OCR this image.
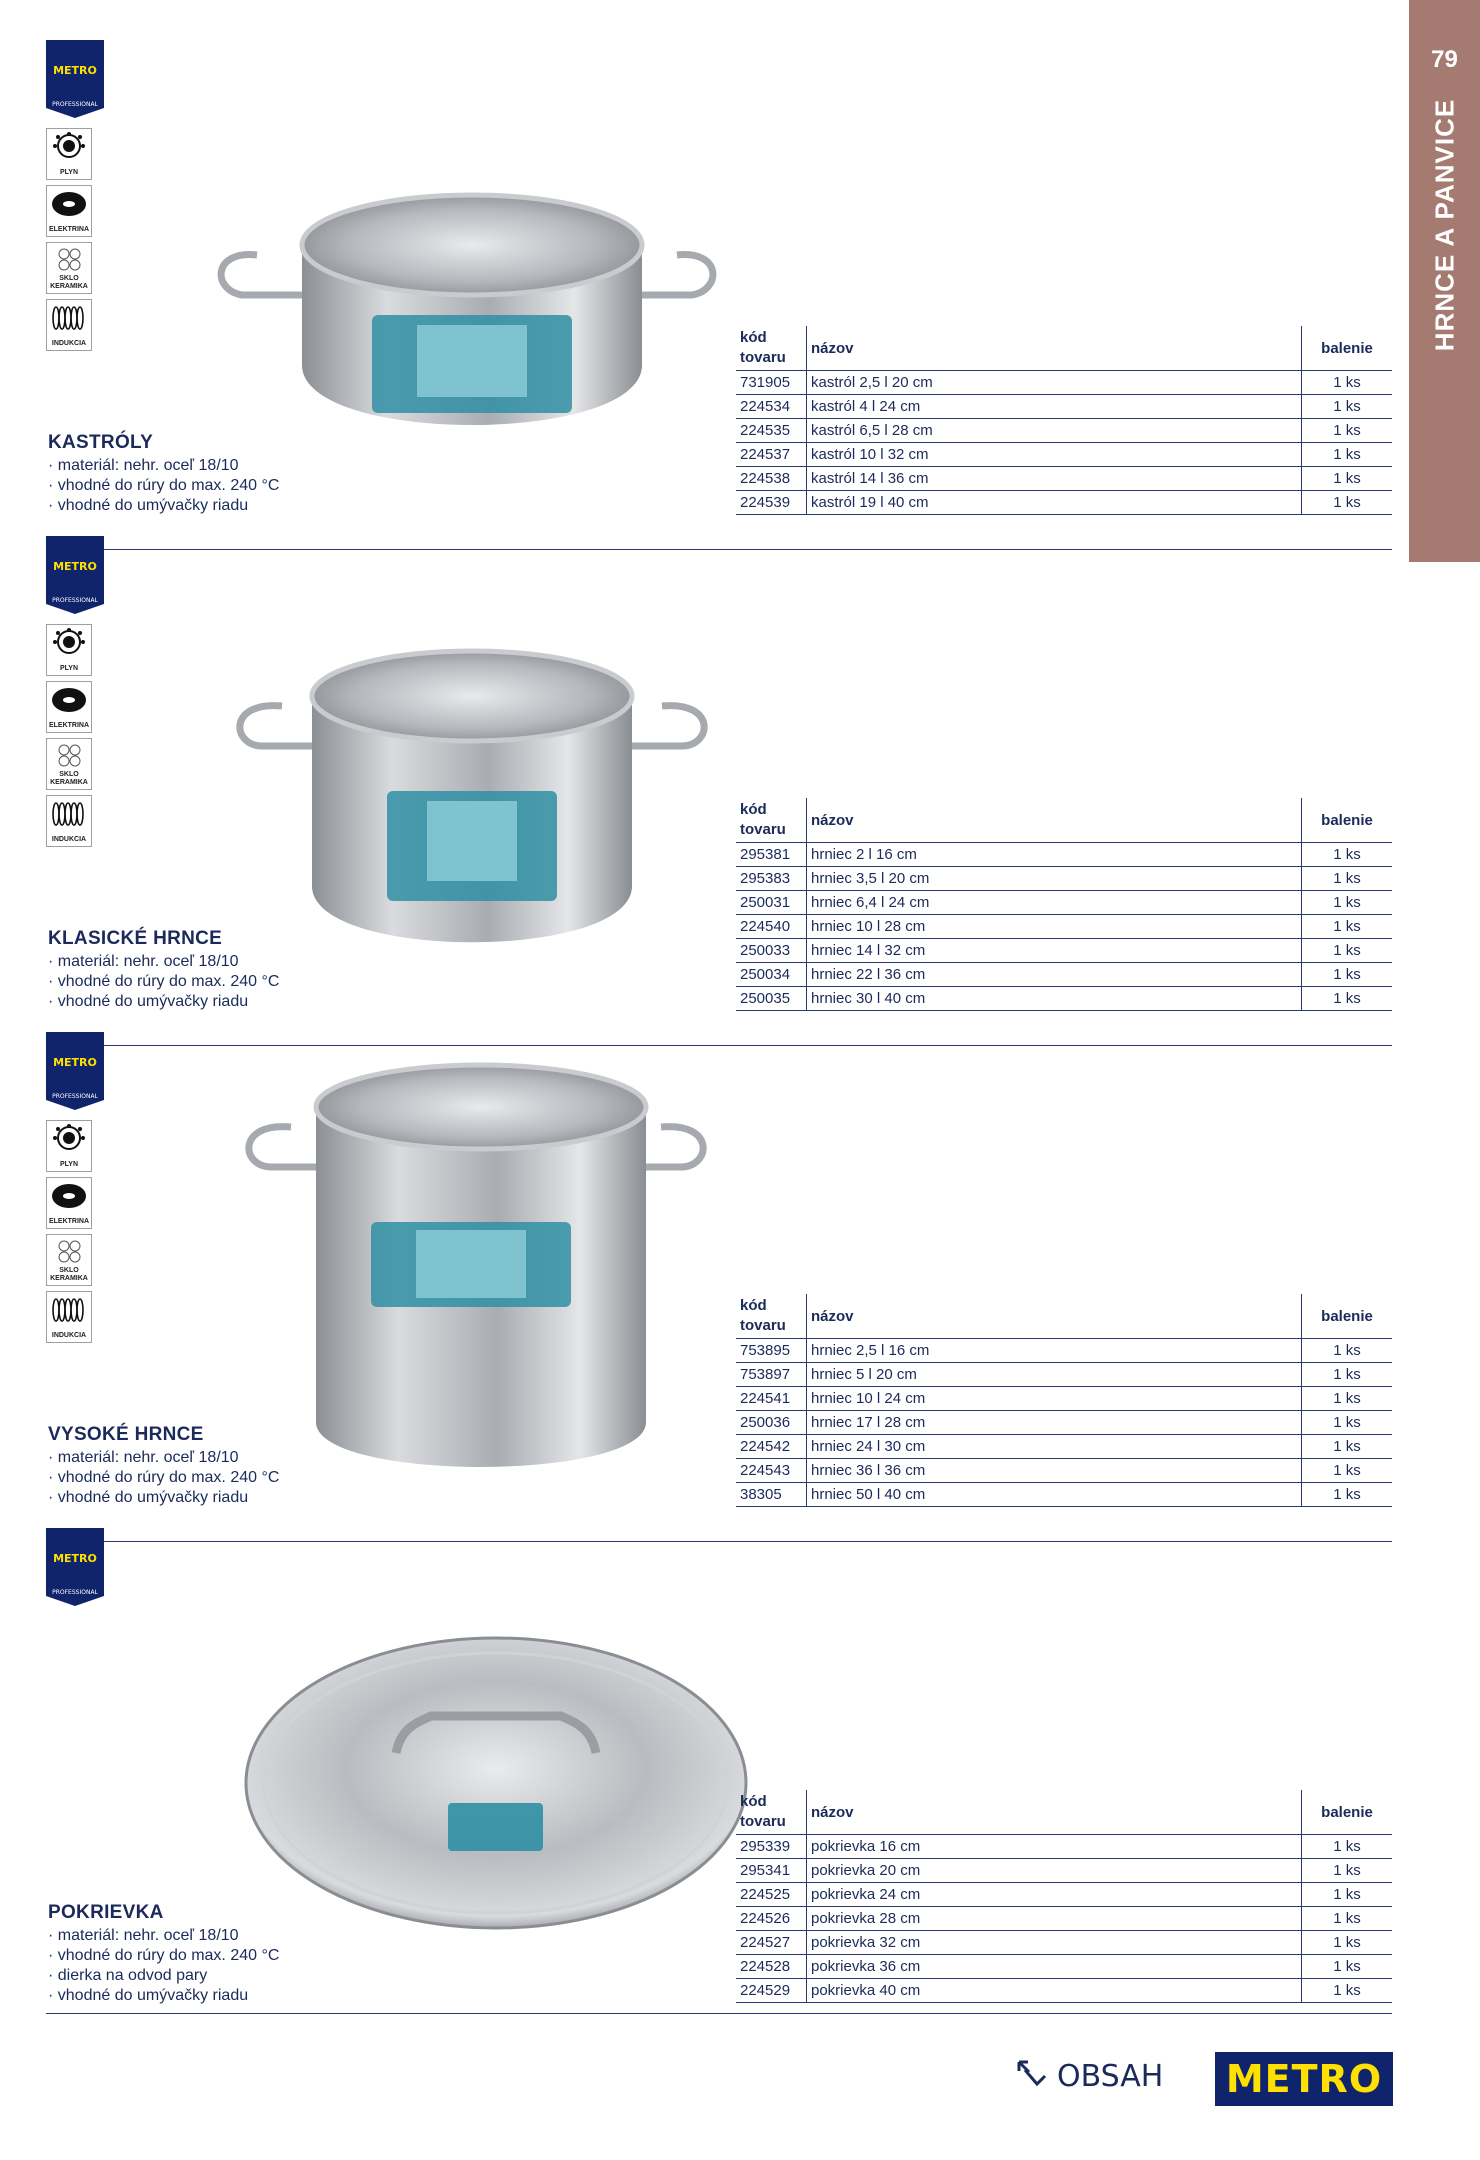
79
HRNCE A PANVICE
METRO
PROFESSIONAL
PLYN
ELEKTRINA
SKLO KERAMIKA
INDUKCIA
KASTRÓLY
· materiál: nehr. oceľ 18/10
· vhodné do rúry do max. 240 °C
· vhodné do umývačky riadu
kód
tovaru	názov	balenie
731905	kastról 2,5 l 20 cm	1 ks
224534	kastról 4 l 24 cm	1 ks
224535	kastról 6,5 l 28 cm	1 ks
224537	kastról 10 l 32 cm	1 ks
224538	kastról 14 l 36 cm	1 ks
224539	kastról 19 l 40 cm	1 ks
METRO
PROFESSIONAL
PLYN
ELEKTRINA
SKLO KERAMIKA
INDUKCIA
KLASICKÉ HRNCE
· materiál: nehr. oceľ 18/10
· vhodné do rúry do max. 240 °C
· vhodné do umývačky riadu
kód
tovaru	názov	balenie
295381	hrniec 2 l 16 cm	1 ks
295383	hrniec 3,5 l 20 cm	1 ks
250031	hrniec 6,4 l 24 cm	1 ks
224540	hrniec 10 l 28 cm	1 ks
250033	hrniec 14 l 32 cm	1 ks
250034	hrniec 22 l 36 cm	1 ks
250035	hrniec 30 l 40 cm	1 ks
METRO
PROFESSIONAL
PLYN
ELEKTRINA
SKLO KERAMIKA
INDUKCIA
VYSOKÉ HRNCE
· materiál: nehr. oceľ 18/10
· vhodné do rúry do max. 240 °C
· vhodné do umývačky riadu
kód
tovaru	názov	balenie
753895	hrniec 2,5 l 16 cm	1 ks
753897	hrniec 5 l 20 cm	1 ks
224541	hrniec 10 l 24 cm	1 ks
250036	hrniec 17 l 28 cm	1 ks
224542	hrniec 24 l 30 cm	1 ks
224543	hrniec 36 l 36 cm	1 ks
38305	hrniec 50 l 40 cm	1 ks
METRO
PROFESSIONAL
POKRIEVKA
· materiál: nehr. oceľ 18/10
· vhodné do rúry do max. 240 °C
· dierka na odvod pary
· vhodné do umývačky riadu
kód
tovaru	názov	balenie
295339	pokrievka 16 cm	1 ks
295341	pokrievka 20 cm	1 ks
224525	pokrievka 24 cm	1 ks
224526	pokrievka 28 cm	1 ks
224527	pokrievka 32 cm	1 ks
224528	pokrievka 36 cm	1 ks
224529	pokrievka 40 cm	1 ks
OBSAH METRO
